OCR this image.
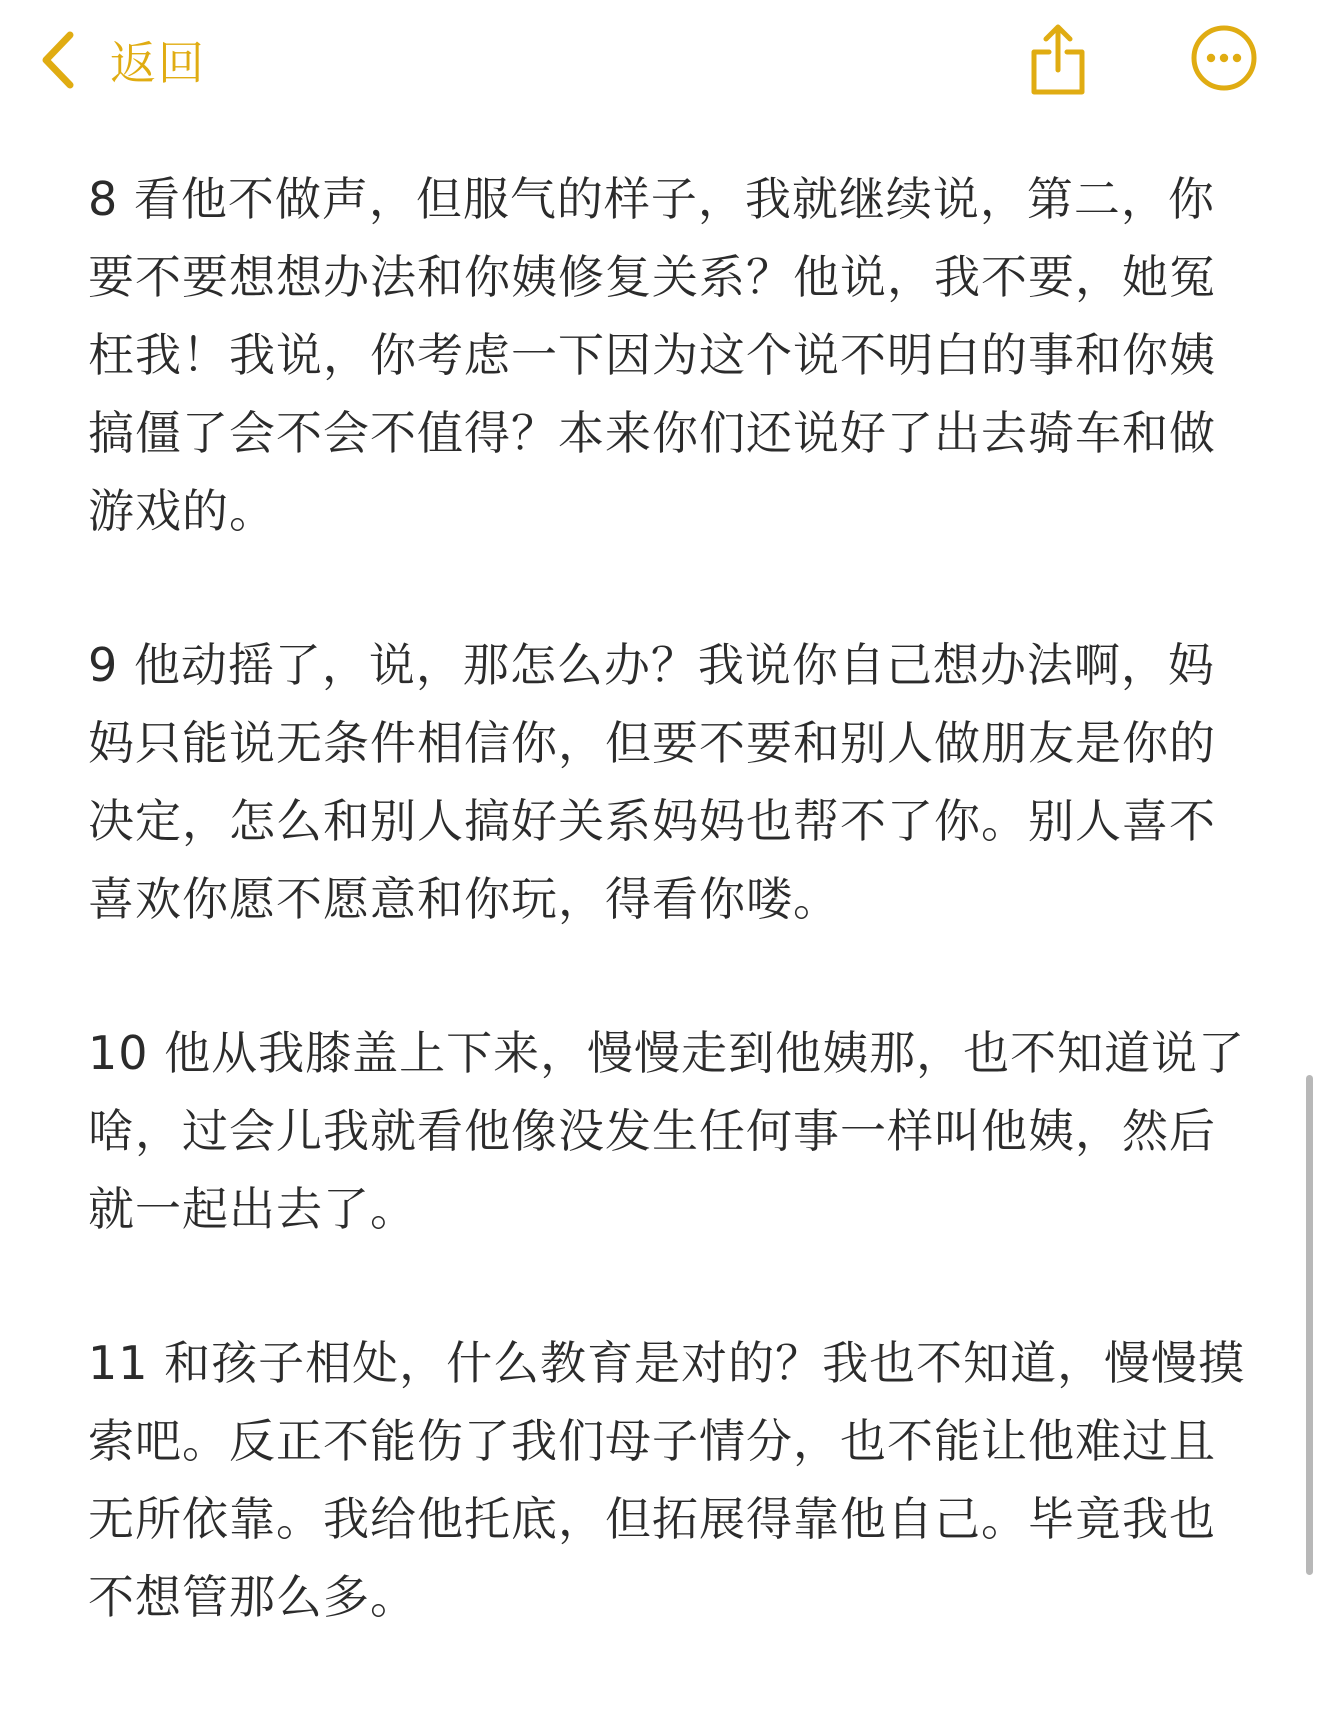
返回

8 看他不做声，但服气的样子，我就继续说，第二，你要不要想想办法和你姨修复关系？他说，我不要，她冤枉我！我说，你考虑一下因为这个说不明白的事和你姨搞僵了会不会不值得？本来你们还说好了出去骑车和做游戏的。

9 他动摇了，说，那怎么办？我说你自己想办法啊，妈妈只能说无条件相信你，但要不要和别人做朋友是你的决定，怎么和别人搞好关系妈妈也帮不了你。别人喜不喜欢你愿不愿意和你玩，得看你喽。

10 他从我膝盖上下来，慢慢走到他姨那，也不知道说了啥，过会儿我就看他像没发生任何事一样叫他姨，然后就一起出去了。

11 和孩子相处，什么教育是对的？我也不知道，慢慢摸索吧。反正不能伤了我们母子情分，也不能让他难过且无所依靠。我给他托底，但拓展得靠他自己。毕竟我也不想管那么多。
